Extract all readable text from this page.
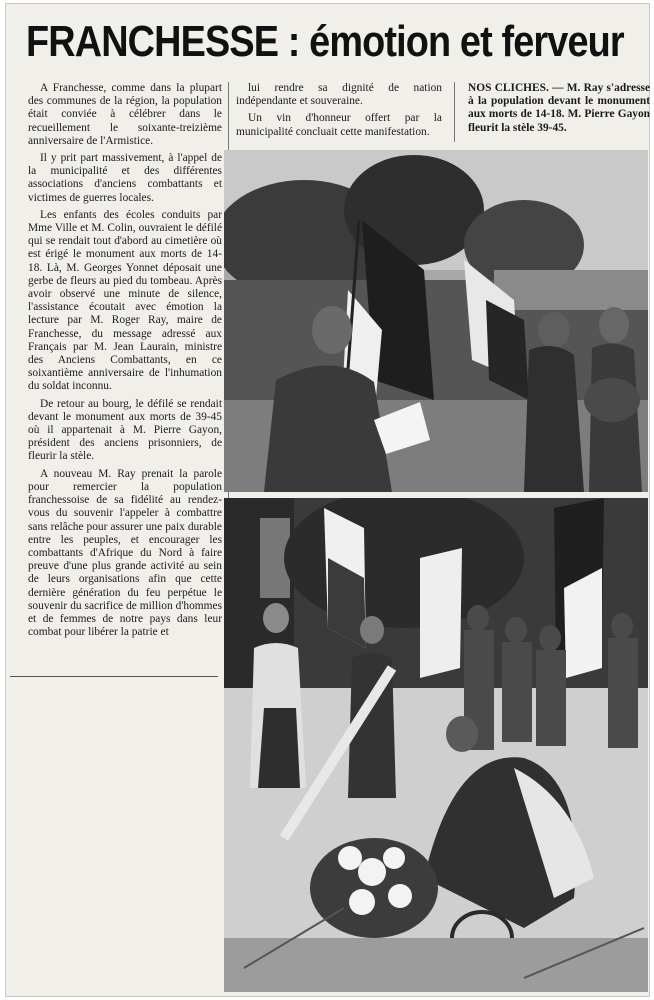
FRANCHESSE : émotion et ferveur

A Franchesse, comme dans la plupart des communes de la région, la population était conviée à célébrer dans le recueillement le soixante-treizième anniversaire de l'Armistice.

Il y prit part massivement, à l'appel de la municipalité et des différentes associations d'anciens combattants et victimes de guerres locales.

Les enfants des écoles conduits par Mme Ville et M. Colin, ouvraient le défilé qui se rendait tout d'abord au cimetière où est érigé le monument aux morts de 14-18. Là, M. Georges Yonnet déposait une gerbe de fleurs au pied du tombeau. Après avoir observé une minute de silence, l'assistance écoutait avec émotion la lecture par M. Roger Ray, maire de Franchesse, du message adressé aux Français par M. Jean Laurain, ministre des Anciens Combattants, en ce soixantième anniversaire de l'inhumation du soldat inconnu.

De retour au bourg, le défilé se rendait devant le monument aux morts de 39-45 où il appartenait à M. Pierre Gayon, président des anciens prisonniers, de fleurir la stèle.

A nouveau M. Ray prenait la parole pour remercier la population franchessoise de sa fidélité au rendez-vous du souvenir l'appeler à combattre sans relâche pour assurer une paix durable entre les peuples, et encourager les combattants d'Afrique du Nord à faire preuve d'une plus grande activité au sein de leurs organisations afin que cette dernière génération du feu perpétue le souvenir du sacrifice de million d'hommes et de femmes de notre pays dans leur combat pour libérer la patrie et

lui rendre sa dignité de nation indépendante et souveraine.

Un vin d'honneur offert par la municipalité concluait cette manifestation.

NOS CLICHES. — M. Ray s'adresse à la population devant le monument aux morts de 14-18. M. Pierre Gayon fleurit la stèle 39-45.
